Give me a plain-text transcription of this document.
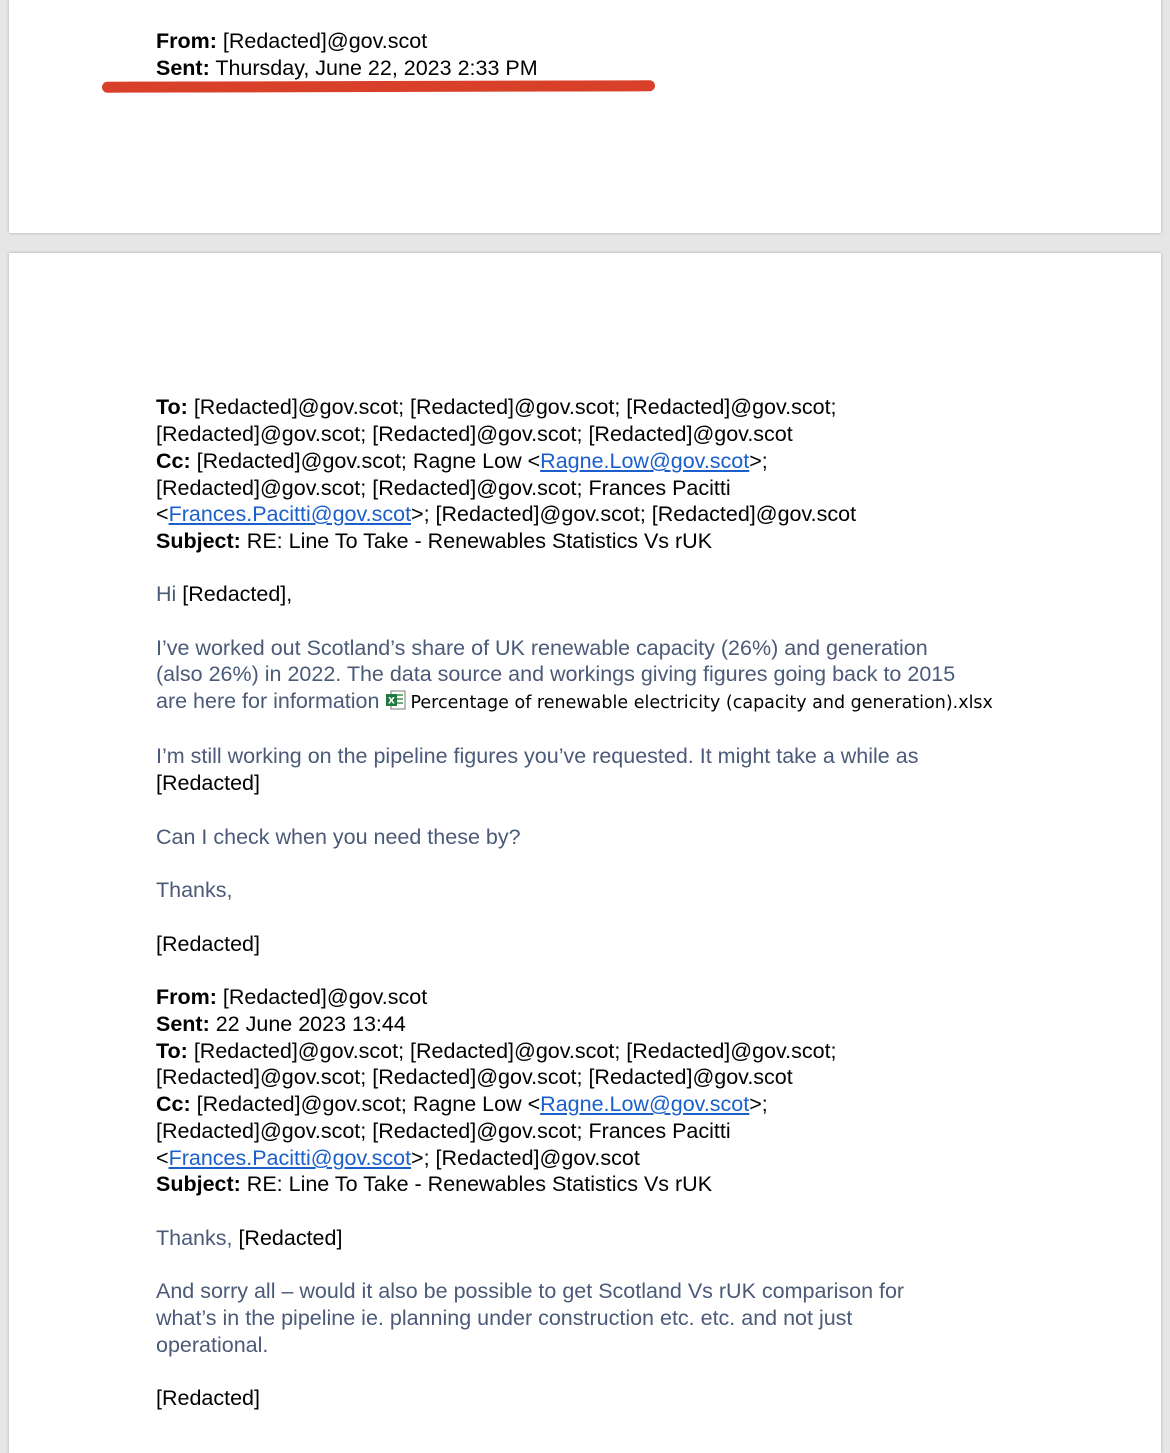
From: [Redacted]@gov.scot

Sent: Thursday, June 22, 2023 2:33 PM

To: [Redacted]@gov.scot; [Redacted]@gov.scot; [Redacted]@gov.scot;

[Redacted]@gov.scot; [Redacted]@gov.scot; [Redacted]@gov.scot

Cc: [Redacted]@gov.scot; Ragne Low <Ragne.Low@gov.scot>;

[Redacted]@gov.scot; [Redacted]@gov.scot; Frances Pacitti

<Frances.Pacitti@gov.scot>; [Redacted]@gov.scot; [Redacted]@gov.scot

Subject: RE: Line To Take - Renewables Statistics Vs rUK

Hi [Redacted],

I’ve worked out Scotland’s share of UK renewable capacity (26%) and generation

(also 26%) in 2022. The data source and workings giving figures going back to 2015

are here for information X Percentage of renewable electricity (capacity and generation).xlsx

I’m still working on the pipeline figures you’ve requested. It might take a while as

[Redacted]

Can I check when you need these by?

Thanks,

[Redacted]

From: [Redacted]@gov.scot

Sent: 22 June 2023 13:44

To: [Redacted]@gov.scot; [Redacted]@gov.scot; [Redacted]@gov.scot;

[Redacted]@gov.scot; [Redacted]@gov.scot; [Redacted]@gov.scot

Cc: [Redacted]@gov.scot; Ragne Low <Ragne.Low@gov.scot>;

[Redacted]@gov.scot; [Redacted]@gov.scot; Frances Pacitti

<Frances.Pacitti@gov.scot>; [Redacted]@gov.scot

Subject: RE: Line To Take - Renewables Statistics Vs rUK

Thanks, [Redacted]

And sorry all – would it also be possible to get Scotland Vs rUK comparison for

what’s in the pipeline ie. planning under construction etc. etc. and not just

operational.

[Redacted]
